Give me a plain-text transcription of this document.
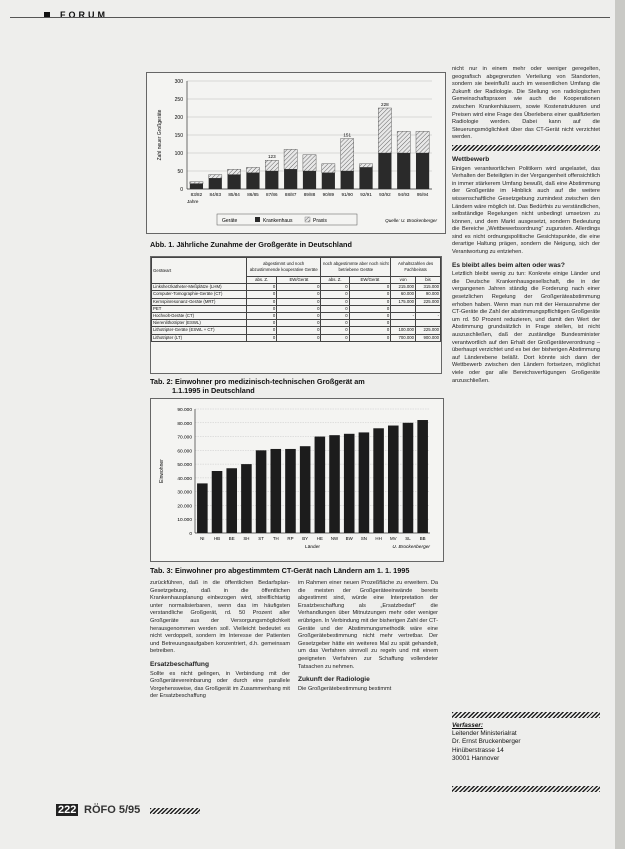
FORUM
300
250
200
150
100
50
0
Zahl neuer Großgeräte
83/82 84/83 85/84 86/85 87/86 88/87 89/88 90/89 91/90 92/91 93/92 94/93 95/94
123
151
228
Jahre
Geräte	Krankenhaus	Praxis	Quelle: U. Brockenberger
Abb. 1. Jährliche Zunahme der Großgeräte in Deutschland
Geräteart	abgestimmt und noch abzustimmende kooperative Geräte		noch abgestimmte aber noch nicht betriebene Geräte		Anhaltszahlen des Fachbeirats	
	abs. Z.	EW/Gerät	abs. Z.	EW/Gerät	von	bis
Linksherzkatheter-Meßplätze (LHM)	0	0	0	0	215.000	315.000
Computer-Tomographie-Geräte (CT)	0	0	0	0	60.000	90.000
Kernspinresonanz-Geräte (MRT)	0	0	0	0	175.000	225.000
PET	0	0	0	0		
Hochvolt-Geräte (CT)	0	0	0	0	-	-
Nierenlithotripter (ESWL)	0	0	0	0		
Lithotripter-Geräte (ESWL + CT)	0	0	0	0	100.000	225.000
Lithotripter (LT)	0	0	0	0	700.000	900.000
Tab. 2: Einwohner pro medizinisch-technischen Großgerät am
1.1.1995 in Deutschland
90.000
80.000
70.000
60.000
50.000
40.000
30.000
20.000
10.000
0
Einwohner
NI HB BE SH ST TH RP BY HE NW BW SN HH MV SL BB
Länder	U. Brockenberger
Tab. 3: Einwohner pro abgestimmtem CT-Gerät nach Ländern am 1. 1. 1995

zurückführen, daß in die öffentlichen Bedarfsplan-Gesetzgebung, daß in die öffentlichen Krankenhausplanung einbezogen wird, streiflichtartig unter normalisierbaren, wenn das im häufigsten verstandliche Großgerät, rd. 50 Prozent aller Großgeräte aus der Versorgungsmöglichkeit herausgenommen werden soll. Vielleicht bedeutet es nicht verdoppelt, sondern im Interesse der Patienten und Betreuungsaufgaben konzentriert, d.h. gemeinsam betreiben.

Ersatzbeschaffung

Sollte es nicht gelingen, in Verbindung mit der Großgerätevereinbarung oder durch eine parallele Vorgehensweise, das Großgerät im Zusammenhang mit der Ersatzbeschaffung

im Rahmen einer neuen Prozeßfläche zu erweitern. Da die meisten der Großgeräteeinwände bereits abgestimmt sind, würde eine Interpretation der Ersatzbeschaffung als „Ersatzbedarf“ die Verhandlungen über Mitnutzungen mehr oder weniger erübrigen. In Verbindung mit der bisherigen Zahl der CT-Geräte und der Abstimmungsmethodik wäre eine Großgerätebestimmung nicht mehr vertretbar. Der Gesetzgeber hätte ein weiteres Mal zu spät gehandelt, um das Verfahren sinnvoll zu regeln und mit einem geeigneten Verfahren zur Schaffung vollendeter Tatsachen zu nehmen.

Zukunft der Radiologie

Die Großgerätebestimmung bestimmt

nicht nur in einem mehr oder weniger geregelten, geografisch abgegrenzten Verteilung von Standorten, sondern sie beeinflußt auch im wesentlichen Umfang die Zukunft der Radiologie. Die Stellung von radiologischen Gemeinschaftspraxen wie auch die Kooperationen zwischen Krankenhäusern, sowie Kostenstrukturen und Preisen wird eine Frage des Überlebens einer qualifizierten Radiologie werden. Dabei kann auf die Steuerungsmöglichkeit über das CT-Gerät nicht verzichtet werden.

Wettbewerb

Einigen verantwortlichen Politikern wird angelastet, das Verhalten der Beteiligten in der Vergangenheit offensichtlich in immer stärkerem Umfang bewußt, daß eine Abstimmung der Großgeräte im Hinblick auch auf die weitere wissenschaftliche Gesetzgebung zumindest zwischen den Ländern wäre möglich ist. Das Bedürfnis zu verständlichen, selbständige Regelungen nicht unbedingt umsetzen zu können, und dem Markt ausgesetzt, sondern Bedeutung die Bereiche „Wettbewerbsordnung“ zugunsten. Allerdings sind es nicht ordnungspolitische Gesichtspunkte, die eine derartige Haltung prägen, sondern die Neigung, sich der Verantwortung zu entziehen.

Es bleibt alles beim alten oder was?

Letztlich bleibt wenig zu tun: Konkrete einige Länder und die Deutsche Krankenhausgesellschaft, die in der vergangenen Jahren ständig die Forderung nach einer gesetzlichen Regelung der Großgeräteabstimmung erhoben haben. Wenn man nun mit der Herausnahme der CT-Geräte die Zahl der abstimmungspflichtigen Großgeräte um rd. 50 Prozent reduzieren, und damit den Wert der Abstimmung grundsätzlich in Frage stellen, ist nicht auszuschließen, daß der zuständige Bundesminister verantwortlich auf den Erhalt der Großgeräteverordnung – überhaupt verzichtet und es bei der bisherigen Abstimmung auf Länderebene beläßt. Dort könnte sich dann der Wettbewerb zwischen den Ländern fortsetzen, möglichst viele oder gar alle Bereichsverfügungen Großgeräte anzuschließen.

Verfasser:
Leitender Ministerialrat
Dr. Ernst Bruckenberger
Hinüberstrasse 14
30001 Hannover
222 RÖFO 5/95
